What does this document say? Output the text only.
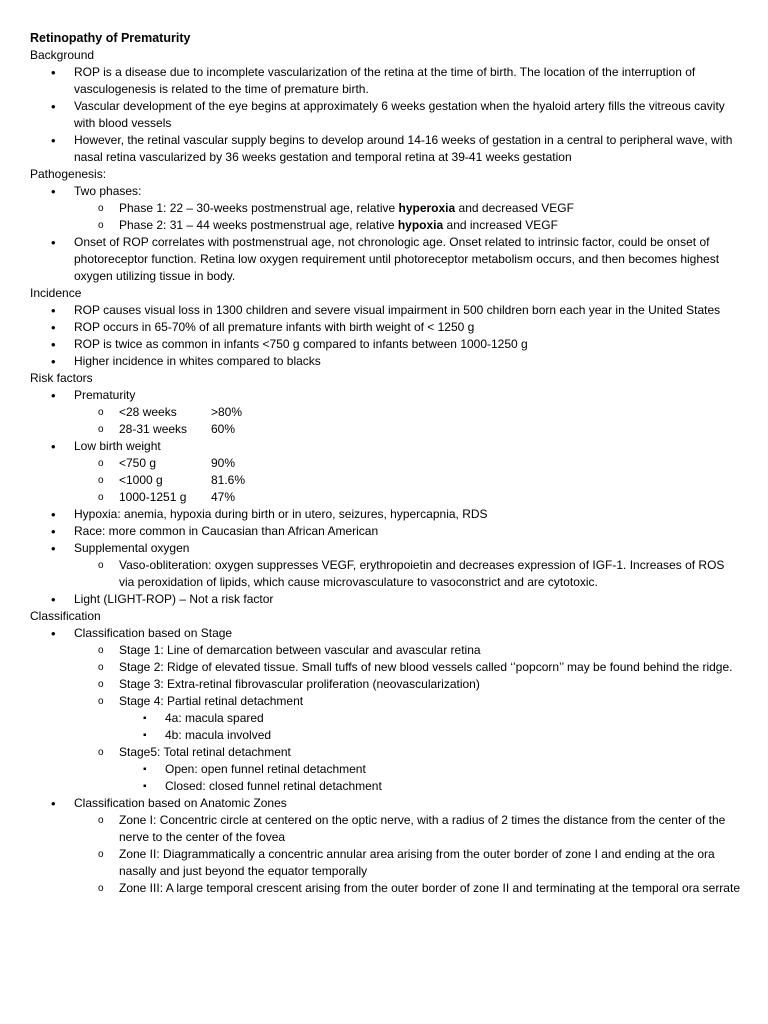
Retinopathy of Prematurity
Background
• ROP is a disease due to incomplete vascularization of the retina at the time of birth. The location of the interruption of vasculogenesis is related to the time of premature birth.
• Vascular development of the eye begins at approximately 6 weeks gestation when the hyaloid artery fills the vitreous cavity with blood vessels
• However, the retinal vascular supply begins to develop around 14-16 weeks of gestation in a central to peripheral wave, with nasal retina vascularized by 36 weeks gestation and temporal retina at 39-41 weeks gestation
Pathogenesis:
• Two phases:
o Phase 1: 22 – 30-weeks postmenstrual age, relative hyperoxia and decreased VEGF
o Phase 2: 31 – 44 weeks postmenstrual age, relative hypoxia and increased VEGF
• Onset of ROP correlates with postmenstrual age, not chronologic age. Onset related to intrinsic factor, could be onset of photoreceptor function. Retina low oxygen requirement until photoreceptor metabolism occurs, and then becomes highest oxygen utilizing tissue in body.
Incidence
• ROP causes visual loss in 1300 children and severe visual impairment in 500 children born each year in the United States
• ROP occurs in 65-70% of all premature infants with birth weight of < 1250 g
• ROP is twice as common in infants <750 g compared to infants between 1000-1250 g
• Higher incidence in whites compared to blacks
Risk factors
• Prematurity
o <28 weeks	>80%
o 28-31 weeks	60%
• Low birth weight
o <750 g	90%
o <1000 g	81.6%
o 1000-1251 g	47%
• Hypoxia: anemia, hypoxia during birth or in utero, seizures, hypercapnia, RDS
• Race: more common in Caucasian than African American
• Supplemental oxygen
o Vaso-obliteration: oxygen suppresses VEGF, erythropoietin and decreases expression of IGF-1. Increases of ROS via peroxidation of lipids, which cause microvasculature to vasoconstrict and are cytotoxic.
• Light (LIGHT-ROP) – Not a risk factor
Classification
• Classification based on Stage
o Stage 1: Line of demarcation between vascular and avascular retina
o Stage 2: Ridge of elevated tissue. Small tuffs of new blood vessels called ‘’popcorn’’ may be found behind the ridge.
o Stage 3: Extra-retinal fibrovascular proliferation (neovascularization)
o Stage 4: Partial retinal detachment
▪ 4a: macula spared
▪ 4b: macula involved
o Stage5: Total retinal detachment
▪ Open: open funnel retinal detachment
▪ Closed: closed funnel retinal detachment
• Classification based on Anatomic Zones
o Zone I: Concentric circle at centered on the optic nerve, with a radius of 2 times the distance from the center of the nerve to the center of the fovea
o Zone II: Diagrammatically a concentric annular area arising from the outer border of zone I and ending at the ora nasally and just beyond the equator temporally
o Zone III: A large temporal crescent arising from the outer border of zone II and terminating at the temporal ora serrate
